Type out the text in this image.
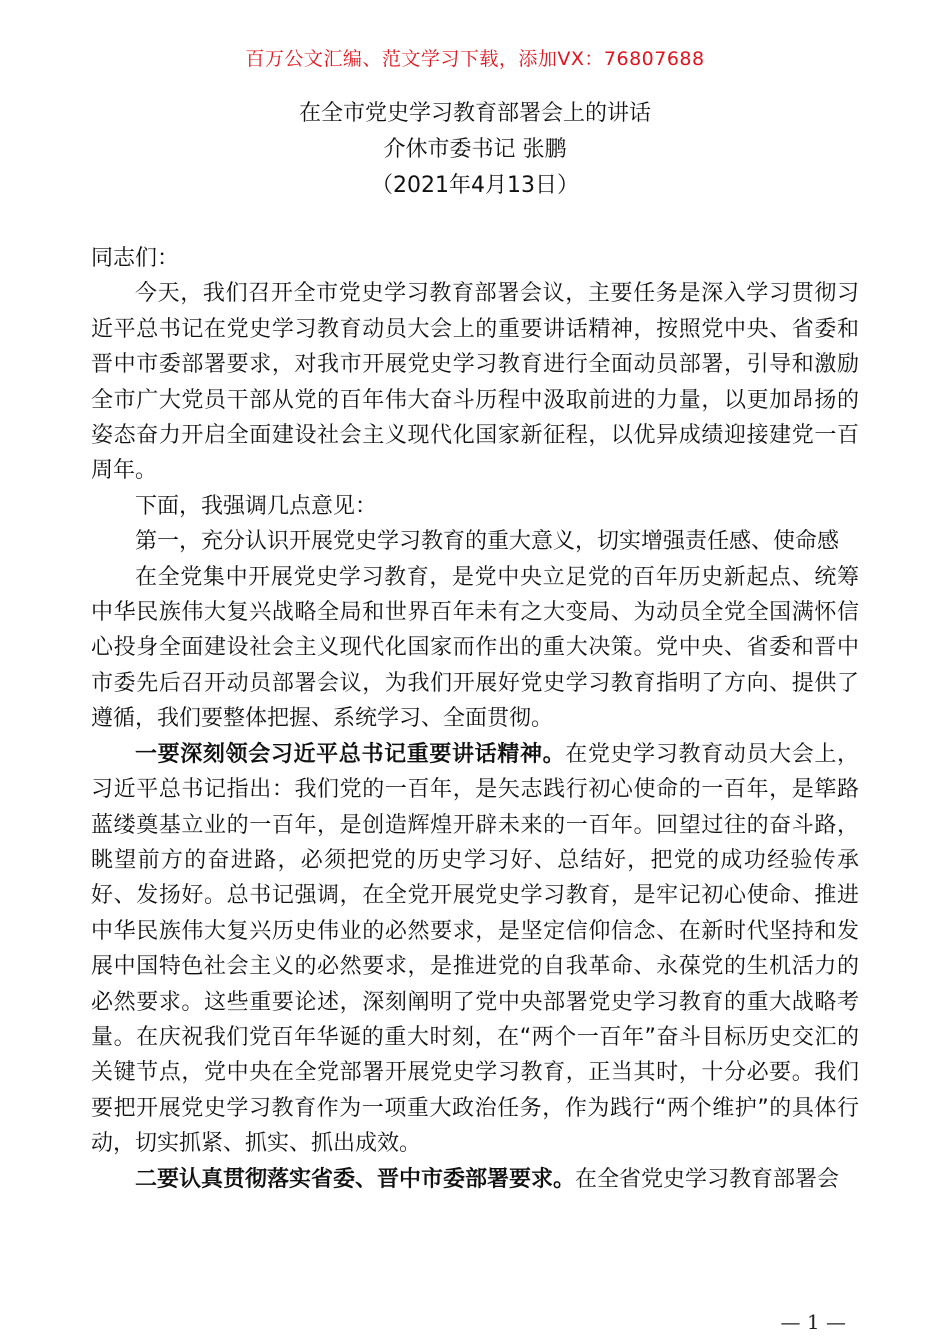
百万公文汇编、范文学习下载，添加VX：76807688
在全市党史学习教育部署会上的讲话
介休市委书记 张鹏
（2021年4月13日）

同志们：

今天，我们召开全市党史学习教育部署会议，主要任务是深入学习贯彻习近平总书记在党史学习教育动员大会上的重要讲话精神，按照党中央、省委和晋中市委部署要求，对我市开展党史学习教育进行全面动员部署，引导和激励全市广大党员干部从党的百年伟大奋斗历程中汲取前进的力量，以更加昂扬的姿态奋力开启全面建设社会主义现代化国家新征程，以优异成绩迎接建党一百周年。

下面，我强调几点意见：

第一，充分认识开展党史学习教育的重大意义，切实增强责任感、使命感

在全党集中开展党史学习教育，是党中央立足党的百年历史新起点、统筹中华民族伟大复兴战略全局和世界百年未有之大变局、为动员全党全国满怀信心投身全面建设社会主义现代化国家而作出的重大决策。党中央、省委和晋中市委先后召开动员部署会议，为我们开展好党史学习教育指明了方向、提供了遵循，我们要整体把握、系统学习、全面贯彻。

一要深刻领会习近平总书记重要讲话精神。在党史学习教育动员大会上，习近平总书记指出：我们党的一百年，是矢志践行初心使命的一百年，是筚路蓝缕奠基立业的一百年，是创造辉煌开辟未来的一百年。回望过往的奋斗路，眺望前方的奋进路，必须把党的历史学习好、总结好，把党的成功经验传承好、发扬好。总书记强调，在全党开展党史学习教育，是牢记初心使命、推进中华民族伟大复兴历史伟业的必然要求，是坚定信仰信念、在新时代坚持和发展中国特色社会主义的必然要求，是推进党的自我革命、永葆党的生机活力的必然要求。这些重要论述，深刻阐明了党中央部署党史学习教育的重大战略考量。在庆祝我们党百年华诞的重大时刻，在“两个一百年”奋斗目标历史交汇的关键节点，党中央在全党部署开展党史学习教育，正当其时，十分必要。我们要把开展党史学习教育作为一项重大政治任务，作为践行“两个维护”的具体行动，切实抓紧、抓实、抓出成效。

二要认真贯彻落实省委、晋中市委部署要求。在全省党史学习教育部署会

— 1 —
